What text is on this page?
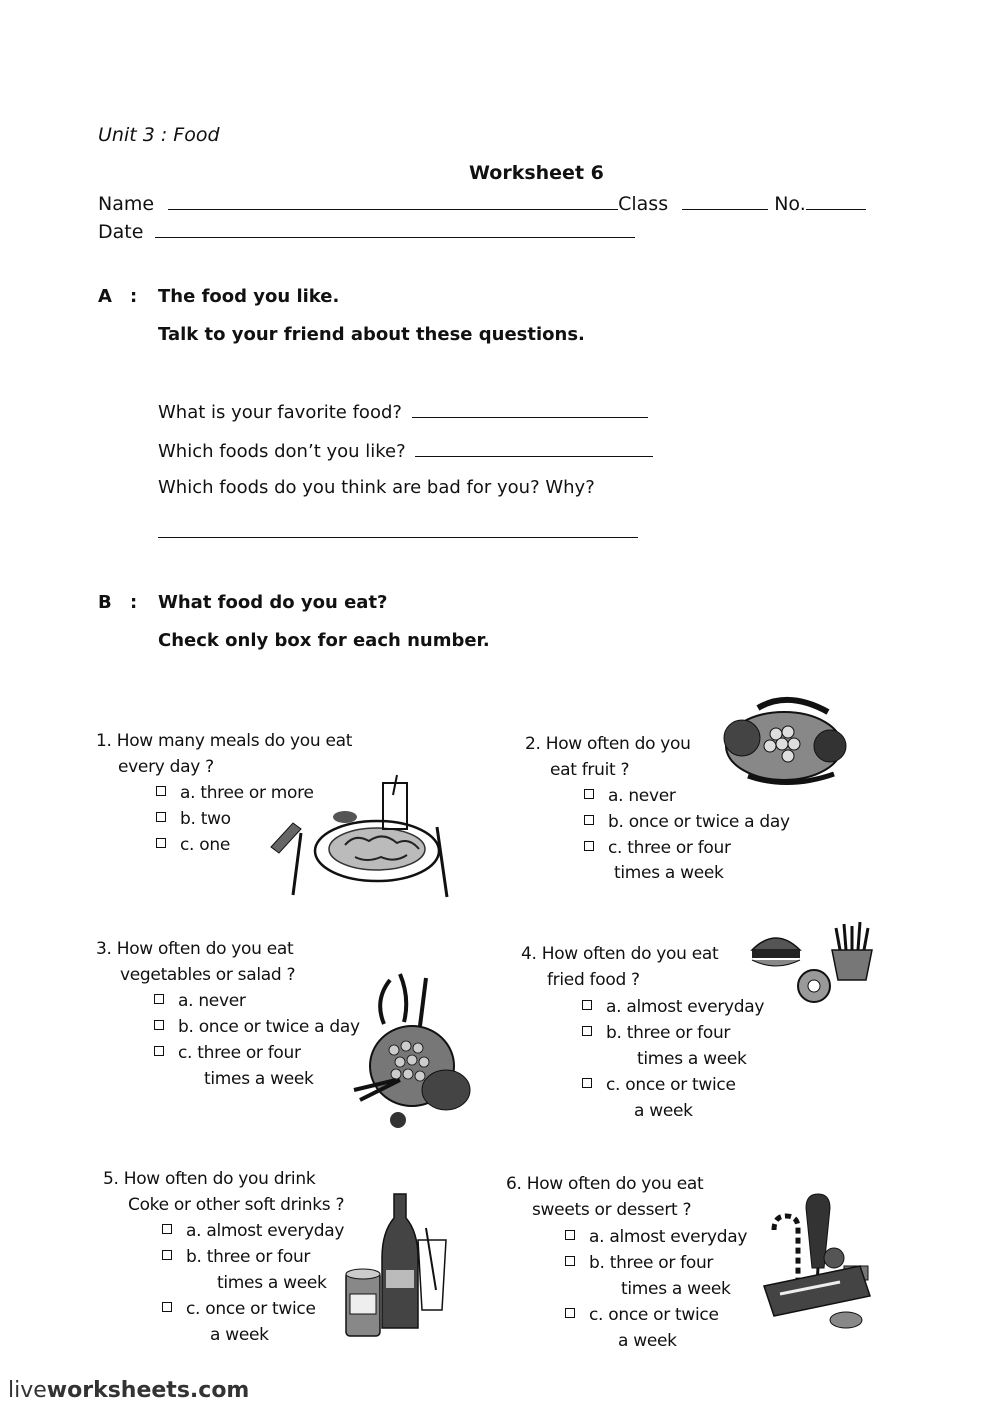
Unit 3 : Food
Worksheet 6
Name	Class	No.
Date
A : The food you like.
Talk to your friend about these questions.
What is your favorite food?
Which foods don’t you like?
Which foods do you think are bad for you? Why?
B : What food do you eat?
Check only box for each number.
1. How many meals do you eat
every day ?
a. three or more
b. two
c. one
2. How often do you
eat fruit ?
a. never
b. once or twice a day
c. three or four
times a week
3. How often do you eat
vegetables or salad ?
a. never
b. once or twice a day
c. three or four
times a week
4. How often do you eat
fried food ?
a. almost everyday
b. three or four
times a week
c. once or twice
a week
5. How often do you drink
Coke or other soft drinks ?
a. almost everyday
b. three or four
times a week
c. once or twice
a week
6. How often do you eat
sweets or dessert ?
a. almost everyday
b. three or four
times a week
c. once or twice
a week
liveworksheets.com
